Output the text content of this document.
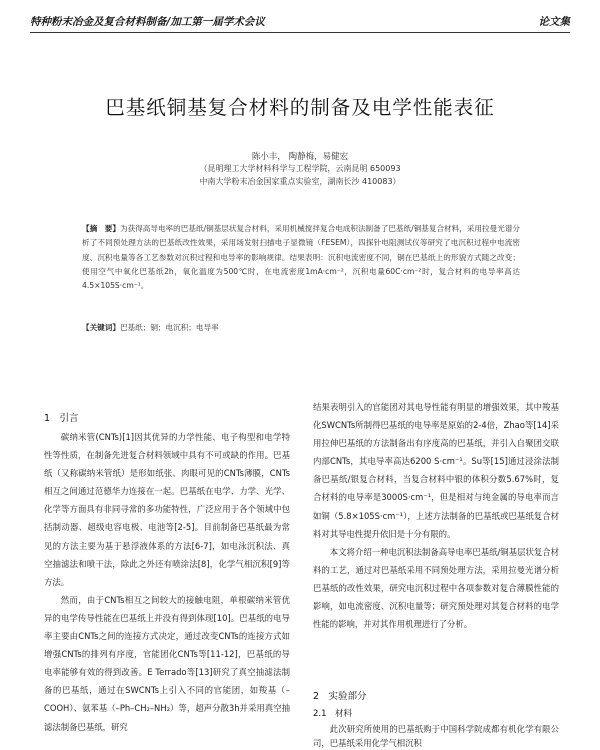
特种粉末冶金及复合材料制备/加工第一届学术会议	论文集
巴基纸铜基复合材料的制备及电学性能表征
陈小丰， 陶静梅，易健宏
（昆明理工大学材料科学与工程学院，云南昆明 650093
中南大学粉末冶金国家重点实验室，湖南长沙 410083）
【摘　要】为获得高导电率的巴基纸/铜基层状复合材料，采用机械搅拌复合电成积法制备了巴基纸/铜基复合材料，采用拉曼光谱分析了不同预处理方法的巴基纸改性效果，采用场发射扫描电子显微镜（FESEM），四探针电阻测试仪等研究了电沉积过程中电流密度、沉积电量等各工艺参数对沉积过程和电导率的影响规律。结果表明：沉积电流密度不同，铜在巴基纸上的形貌方式随之改变；使用空气中氧化巴基纸2h，氧化温度为500℃时，在电流密度1mA·cm⁻²，沉积电量60C·cm⁻²时，复合材料的电导率高达4.5×105S·cm⁻¹。
【关键词】巴基纸；铜；电沉积；电导率
1　引言

碳纳米管(CNTs)[1]因其优异的力学性能、电子构型和电学特性等性质，在制备先进复合材料领域中具有不可或缺的作用。巴基纸（又称碳纳米管纸）是形如纸张、肉眼可见的CNTs薄膜，CNTs相互之间通过范德华力连接在一起。巴基纸在电学、力学、光学、化学等方面具有非同寻常的多功能特性，广泛应用于各个领域中包括制动器、超级电容电极、电池等[2-5]。目前制备巴基纸最为常见的方法主要为基于悬浮液体系的方法[6-7]，如电泳沉积法、真空抽滤法和喷干法，除此之外还有喷涂法[8]，化学气相沉积[9]等方法。

然而，由于CNTs相互之间较大的接触电阻，单根碳纳米管优异的电学传导性能在巴基纸上并没有得到体现[10]。巴基纸的电导率主要由CNTs之间的连接方式决定，通过改变CNTs的连接方式如增强CNTs的排列有序度，官能团化CNTs等[11-12]，巴基纸的导电率能够有效的得到改善。E Terrado等[13]研究了真空抽滤法制备的巴基纸，通过在SWCNTs上引入不同的官能团，如羧基（–COOH）、氨苯基（–Ph–CH₂–NH₂）等，超声分散3h并采用真空抽滤法制备巴基纸，研究

结果表明引入的官能团对其电导性能有明显的增强效果，其中羧基化SWCNTs所制得巴基纸的电导率是原始的2-4倍，Zhao等[14]采用拉伸巴基纸的方法制备出有序度高的巴基纸，并引入自聚团交联内部CNTs，其电导率高达6200 S·cm⁻¹。Su等[15]通过浸涂法制备巴基纸/银复合材料，当复合材料中银的体积分数5.67%时，复合材料的电导率是3000S·cm⁻¹，但是相对与纯金属的导电率而言如铜（5.8×105S·cm⁻¹），上述方法制备的巴基纸或巴基纸复合材料对其导电性提升依旧是十分有限的。

本文将介绍一种电沉积法制备高导电率巴基纸/铜基层状复合材料的工艺，通过对巴基纸采用不同预处理方法，采用拉曼光谱分析巴基纸的改性效果，研究电沉积过程中各项参数对复合薄膜性能的影响，如电流密度、沉积电量等；研究预处理对其复合材料的电学性能的影响，并对其作用机理进行了分析。

2　实验部分
2.1　材料
此次研究所使用的巴基纸购于中国科学院成都有机化学有限公司，巴基纸采用化学气相沉积
